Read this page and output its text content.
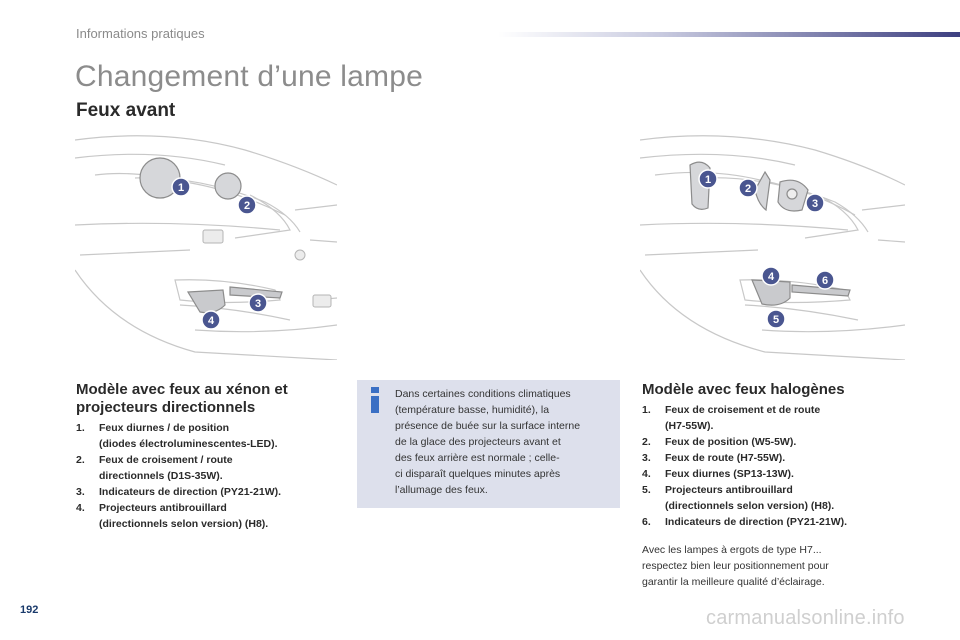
Informations pratiques
Changement d’une lampe
Feux avant
1
2
3
4
1
2
3
4	6
5
Modèle avec feux au xénon et
projecteurs directionnels
1.	Feux diurnes / de position
(diodes électroluminescentes-LED).
2.	Feux de croisement / route
directionnels (D1S-35W).
3.	Indicateurs de direction (PY21-21W).
4.	Projecteurs antibrouillard
(directionnels selon version) (H8).
Dans certaines conditions climatiques
(température basse, humidité), la
présence de buée sur la surface interne
de la glace des projecteurs avant et
des feux arrière est normale ; celle-
ci disparaît quelques minutes après
l’allumage des feux.
Modèle avec feux halogènes
1.	Feux de croisement et de route
(H7-55W).
2.	Feux de position (W5-5W).
3.	Feux de route (H7-55W).
4.	Feux diurnes (SP13-13W).
5.	Projecteurs antibrouillard
(directionnels selon version) (H8).
6.	Indicateurs de direction (PY21-21W).
Avec les lampes à ergots de type H7...
respectez bien leur positionnement pour
garantir la meilleure qualité d’éclairage.
192	carmanualsonline.info
